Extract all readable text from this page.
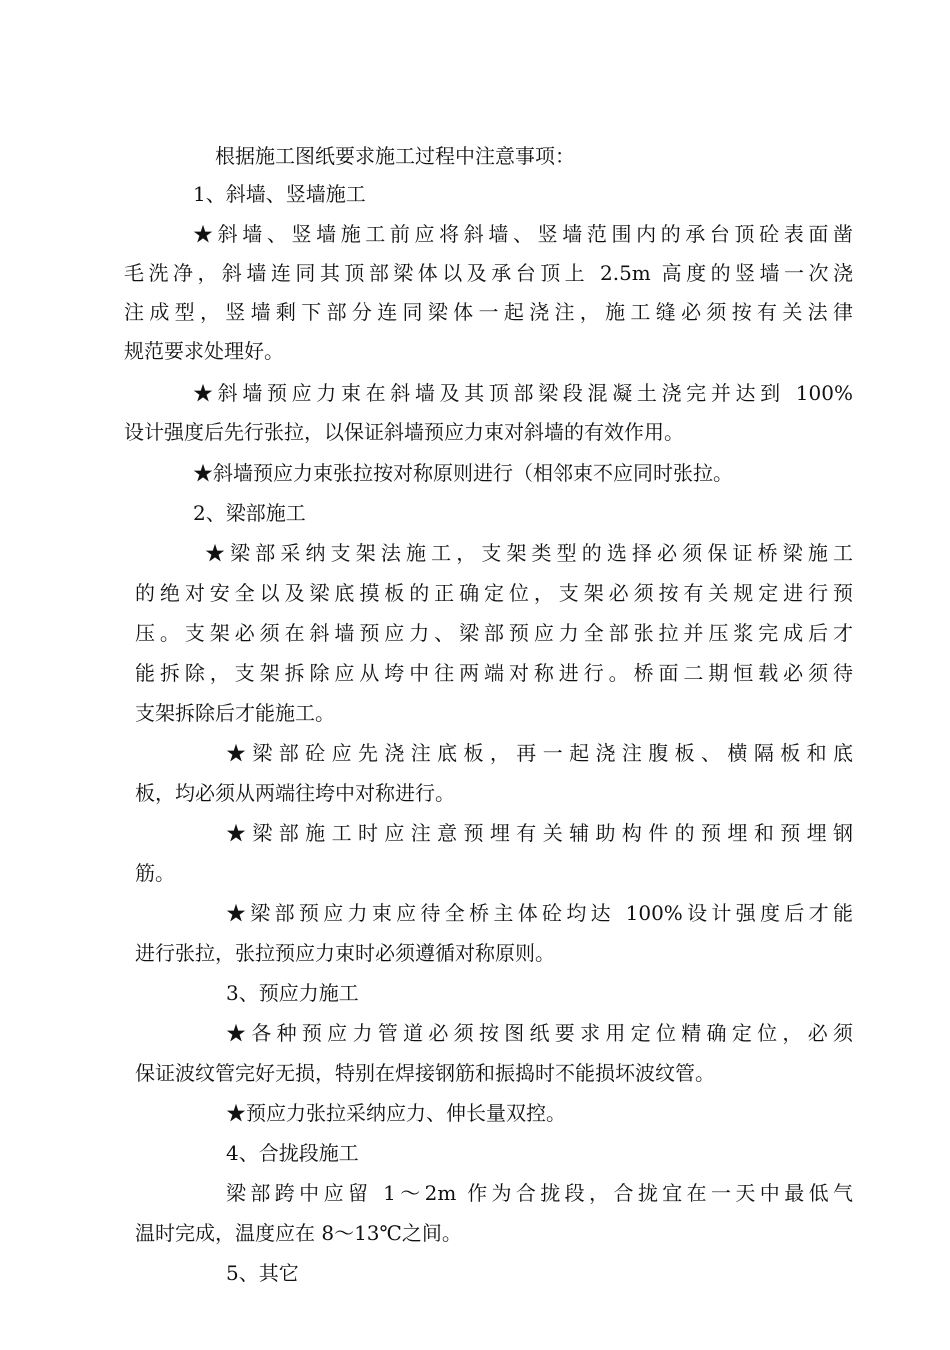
根据施工图纸要求施工过程中注意事项：
1、斜墙、竖墙施工
★斜墙、竖墙施工前应将斜墙、竖墙范围内的承台顶砼表面凿
毛洗净，斜墙连同其顶部梁体以及承台顶上 2.5m 高度的竖墙一次浇
注成型，竖墙剩下部分连同梁体一起浇注，施工缝必须按有关法律
规范要求处理好。
★斜墙预应力束在斜墙及其顶部梁段混凝土浇完并达到 100%
设计强度后先行张拉，以保证斜墙预应力束对斜墙的有效作用。
★斜墙预应力束张拉按对称原则进行（相邻束不应同时张拉。
2、梁部施工
★梁部采纳支架法施工，支架类型的选择必须保证桥梁施工
的绝对安全以及梁底摸板的正确定位，支架必须按有关规定进行预
压。支架必须在斜墙预应力、梁部预应力全部张拉并压浆完成后才
能拆除，支架拆除应从垮中往两端对称进行。桥面二期恒载必须待
支架拆除后才能施工。
★梁部砼应先浇注底板，再一起浇注腹板、横隔板和底
板，均必须从两端往垮中对称进行。
★梁部施工时应注意预埋有关辅助构件的预埋和预埋钢
筋。
★梁部预应力束应待全桥主体砼均达 100%设计强度后才能
进行张拉，张拉预应力束时必须遵循对称原则。
3、预应力施工
★各种预应力管道必须按图纸要求用定位精确定位，必须
保证波纹管完好无损，特别在焊接钢筋和振捣时不能损坏波纹管。
★预应力张拉采纳应力、伸长量双控。
4、合拢段施工
梁部跨中应留 1～2m 作为合拢段，合拢宜在一天中最低气
温时完成，温度应在 8～13℃之间。
5、其它
